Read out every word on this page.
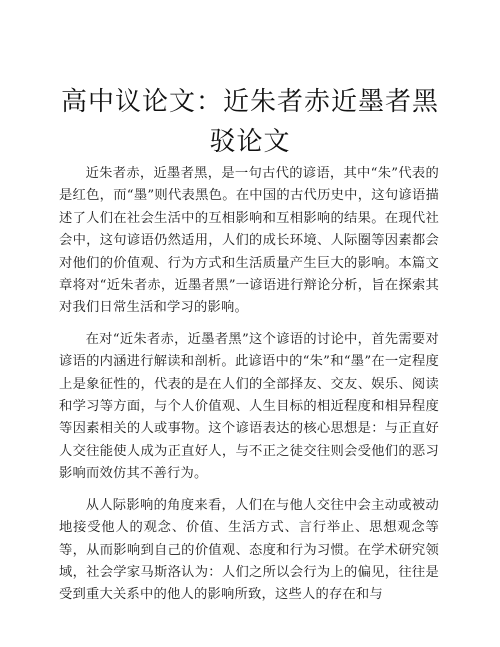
高中议论文：近朱者赤近墨者黑驳论文

近朱者赤，近墨者黑，是一句古代的谚语，其中“朱”代表的是红色，而“墨”则代表黑色。在中国的古代历史中，这句谚语描述了人们在社会生活中的互相影响和互相影响的结果。在现代社会中，这句谚语仍然适用，人们的成长环境、人际圈等因素都会对他们的价值观、行为方式和生活质量产生巨大的影响。本篇文章将对“近朱者赤，近墨者黑”一谚语进行辩论分析，旨在探索其对我们日常生活和学习的影响。

在对“近朱者赤，近墨者黑”这个谚语的讨论中，首先需要对谚语的内涵进行解读和剖析。此谚语中的“朱”和“墨”在一定程度上是象征性的，代表的是在人们的全部择友、交友、娱乐、阅读和学习等方面，与个人价值观、人生目标的相近程度和相异程度等因素相关的人或事物。这个谚语表达的核心思想是：与正直好人交往能使人成为正直好人，与不正之徒交往则会受他们的恶习影响而效仿其不善行为。

从人际影响的角度来看，人们在与他人交往中会主动或被动地接受他人的观念、价值、生活方式、言行举止、思想观念等等，从而影响到自己的价值观、态度和行为习惯。在学术研究领域，社会学家马斯洛认为：人们之所以会行为上的偏见，往往是受到重大关系中的他人的影响所致，这些人的存在和与
